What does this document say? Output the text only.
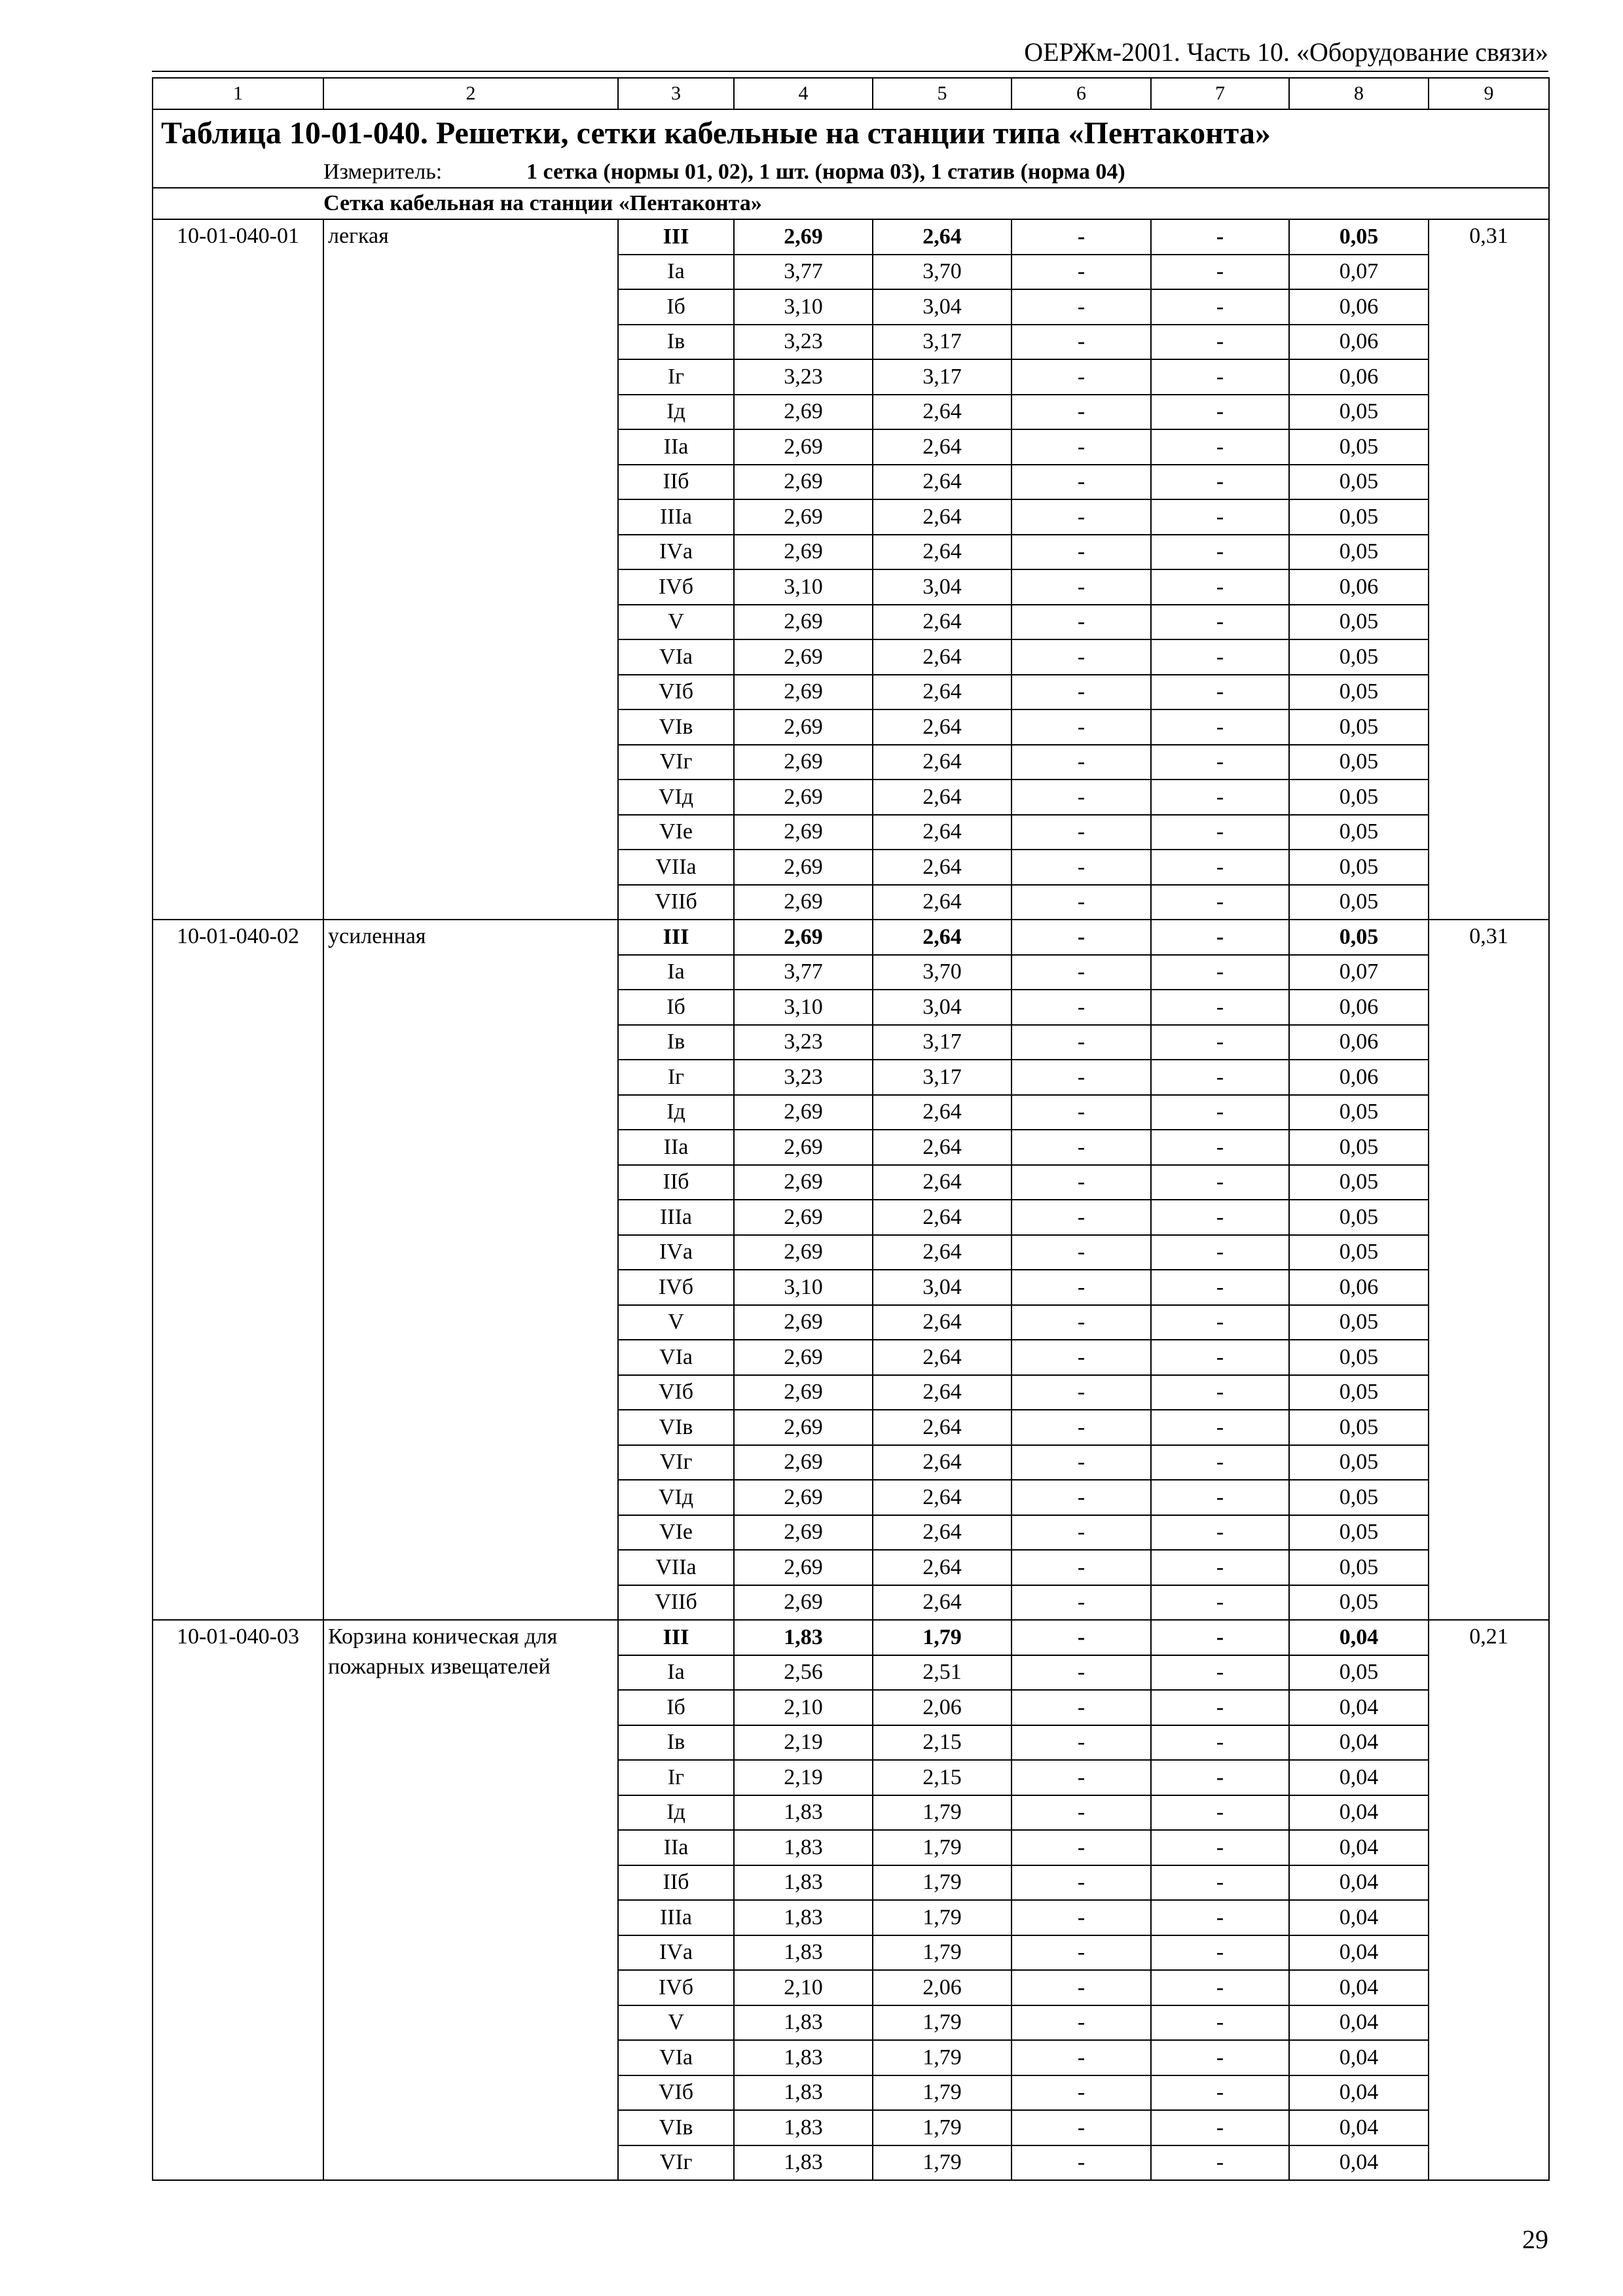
ОЕРЖм-2001. Часть 10. «Оборудование связи»
1	2	3	4	5	6	7	8	9
Таблица 10-01-040. Решетки, сетки кабельные на станции типа «Пентаконта»								
	Измеритель: 1 сетка (нормы 01, 02), 1 шт. (норма 03), 1 статив (норма 04)							
	Сетка кабельная на станции «Пентаконта»							
10-01-040-01	легкая	III	2,69	2,64	-	-	0,05	0,31
		Iа	3,77	3,70	-	-	0,07	
		Iб	3,10	3,04	-	-	0,06	
		Iв	3,23	3,17	-	-	0,06	
		Iг	3,23	3,17	-	-	0,06	
		Iд	2,69	2,64	-	-	0,05	
		IIа	2,69	2,64	-	-	0,05	
		IIб	2,69	2,64	-	-	0,05	
		IIIа	2,69	2,64	-	-	0,05	
		IVа	2,69	2,64	-	-	0,05	
		IVб	3,10	3,04	-	-	0,06	
		V	2,69	2,64	-	-	0,05	
		VIа	2,69	2,64	-	-	0,05	
		VIб	2,69	2,64	-	-	0,05	
		VIв	2,69	2,64	-	-	0,05	
		VIг	2,69	2,64	-	-	0,05	
		VIд	2,69	2,64	-	-	0,05	
		VIе	2,69	2,64	-	-	0,05	
		VIIа	2,69	2,64	-	-	0,05	
		VIIб	2,69	2,64	-	-	0,05	
10-01-040-02	усиленная	III	2,69	2,64	-	-	0,05	0,31
		Iа	3,77	3,70	-	-	0,07	
		Iб	3,10	3,04	-	-	0,06	
		Iв	3,23	3,17	-	-	0,06	
		Iг	3,23	3,17	-	-	0,06	
		Iд	2,69	2,64	-	-	0,05	
		IIа	2,69	2,64	-	-	0,05	
		IIб	2,69	2,64	-	-	0,05	
		IIIа	2,69	2,64	-	-	0,05	
		IVа	2,69	2,64	-	-	0,05	
		IVб	3,10	3,04	-	-	0,06	
		V	2,69	2,64	-	-	0,05	
		VIа	2,69	2,64	-	-	0,05	
		VIб	2,69	2,64	-	-	0,05	
		VIв	2,69	2,64	-	-	0,05	
		VIг	2,69	2,64	-	-	0,05	
		VIд	2,69	2,64	-	-	0,05	
		VIе	2,69	2,64	-	-	0,05	
		VIIа	2,69	2,64	-	-	0,05	
		VIIб	2,69	2,64	-	-	0,05	
10-01-040-03	Корзина коническая для пожарных извещателей	III	1,83	1,79	-	-	0,04	0,21
		Iа	2,56	2,51	-	-	0,05	
		Iб	2,10	2,06	-	-	0,04	
		Iв	2,19	2,15	-	-	0,04	
		Iг	2,19	2,15	-	-	0,04	
		Iд	1,83	1,79	-	-	0,04	
		IIа	1,83	1,79	-	-	0,04	
		IIб	1,83	1,79	-	-	0,04	
		IIIа	1,83	1,79	-	-	0,04	
		IVа	1,83	1,79	-	-	0,04	
		IVб	2,10	2,06	-	-	0,04	
		V	1,83	1,79	-	-	0,04	
		VIа	1,83	1,79	-	-	0,04	
		VIб	1,83	1,79	-	-	0,04	
		VIв	1,83	1,79	-	-	0,04	
		VIг	1,83	1,79	-	-	0,04	
29
